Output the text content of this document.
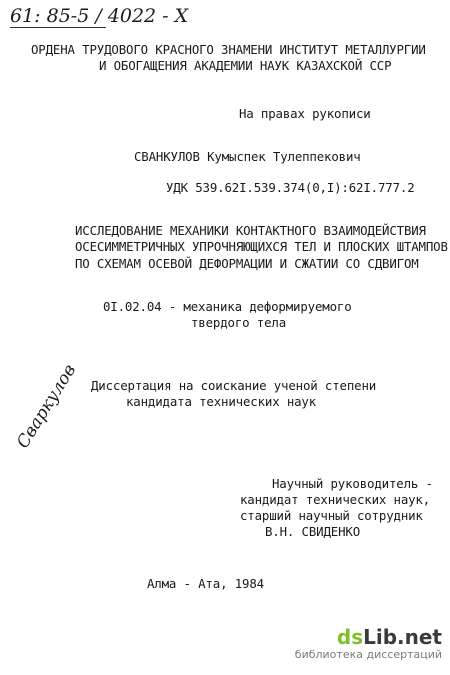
61: 85-5 / 4022 - X
ОРДЕНА ТРУДОВОГО КРАСНОГО ЗНАМЕНИ ИНСТИТУТ МЕТАЛЛУРГИИ
И ОБОГАЩЕНИЯ АКАДЕМИИ НАУК КАЗАХСКОЙ ССР
На правах рукописи
СВАНКУЛОВ Кумыспек Тулеппекович
УДК 539.62I.539.374(0,I):62I.777.2
ИССЛЕДОВАНИЕ МЕХАНИКИ КОНТАКТНОГО ВЗАИМОДЕЙСТВИЯ
ОСЕСИММЕТРИЧНЫХ УПРОЧНЯЮЩИХСЯ ТЕЛ И ПЛОСКИХ ШТАМПОВ
ПО СХЕМАМ ОСЕВОЙ ДЕФОРМАЦИИ И СЖАТИИ СО СДВИГОМ
0I.02.04 - механика деформируемого
твердого тела
Диссертация на соискание ученой степени
кандидата технических наук
Сваркулов
Научный руководитель -
кандидат технических наук,
старший научный сотрудник
В.Н. СВИДЕНКО
Алма - Ата, 1984
dsLib.net
библиотека диссертаций
